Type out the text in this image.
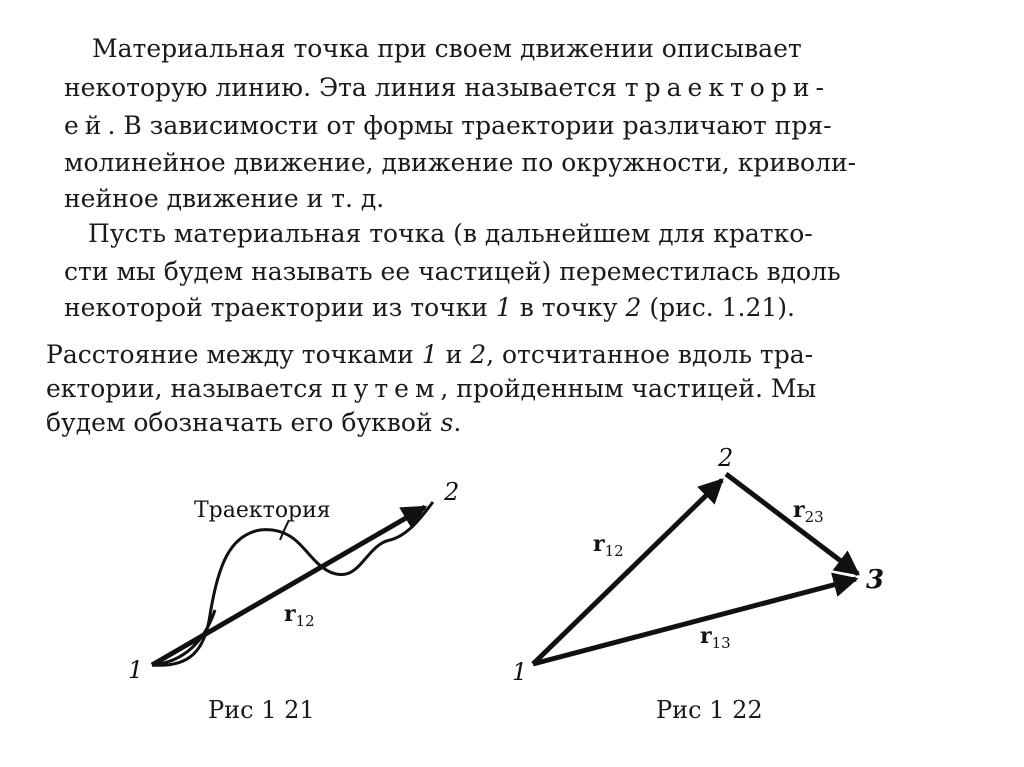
Материальная точка при своем движении описывает
некоторую линию. Эта линия называется траектори-
ей. В зависимости от формы траектории различают пря-
молинейное движение, движение по окружности, криволи-
нейное движение и т. д.
Пусть материальная точка (в дальнейшем для кратко-
сти мы будем называть ее частицей) переместилась вдоль
некоторой траектории из точки 1 в точку 2 (рис. 1.21).
Расстояние между точками 1 и 2, отсчитанное вдоль тра-
ектории, называется путем, пройденным частицей. Мы
будем обозначать его буквой s.
Траектория
1
2
$r_{12}$
1
2
3
$r_{12}$
$r_{23}$
$r_{13}$
Рис 1 21	Рис 1 22
